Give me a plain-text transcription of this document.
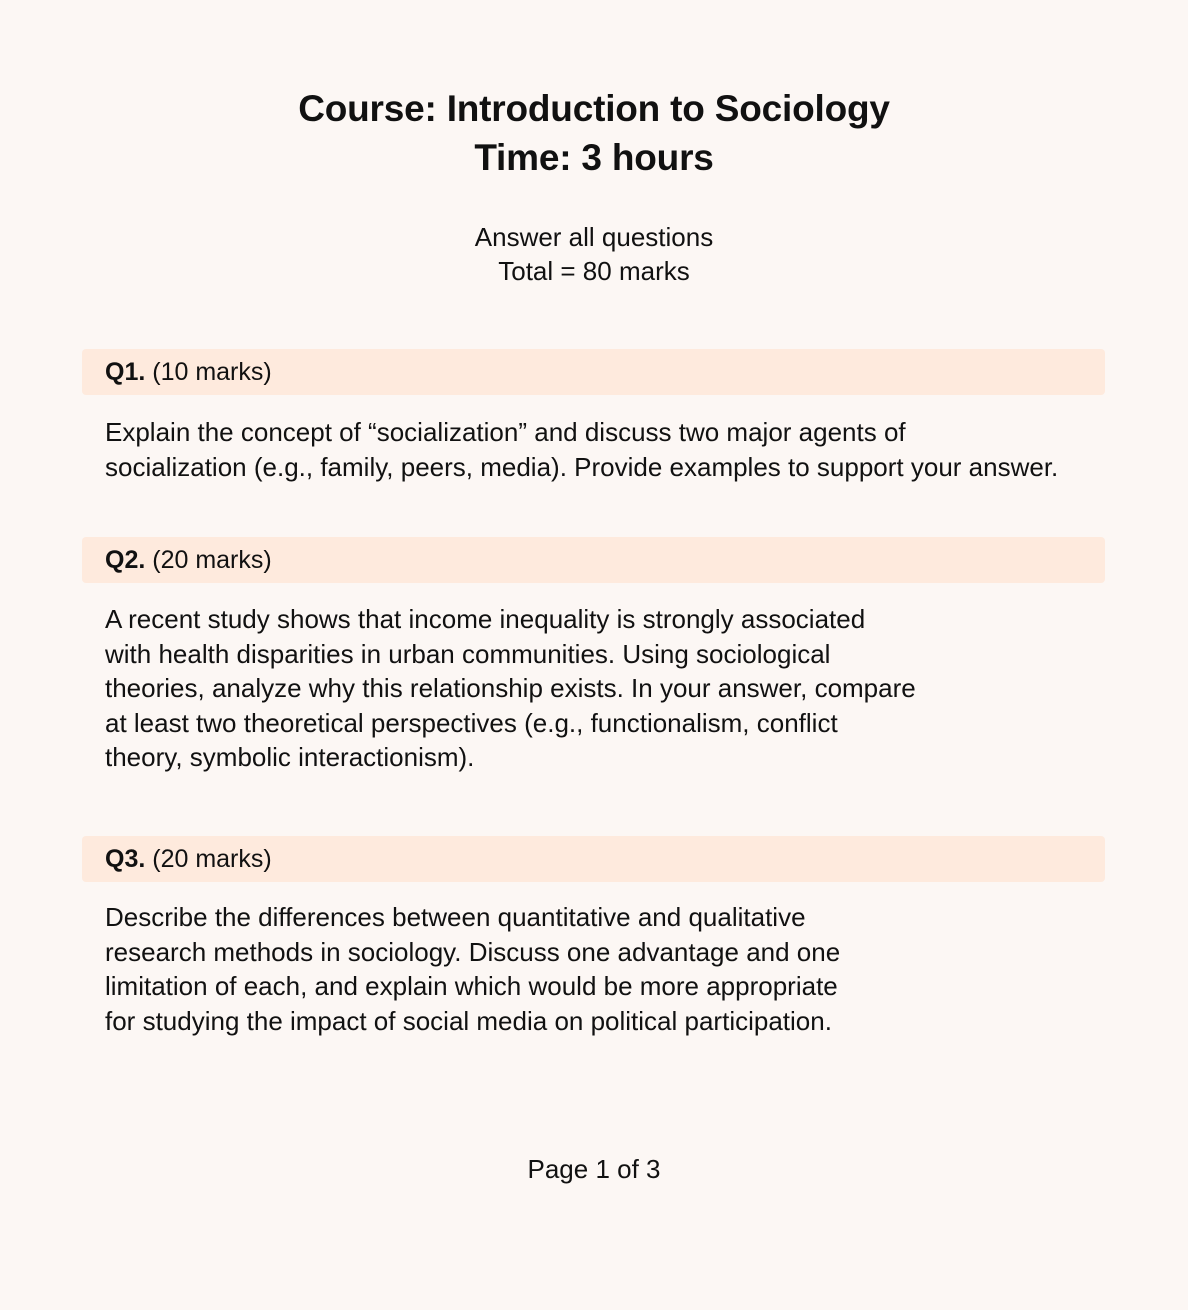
Course: Introduction to Sociology
Time: 3 hours
Answer all questions
Total = 80 marks
Q1. (10 marks)
Explain the concept of “socialization” and discuss two major agents of
socialization (e.g., family, peers, media). Provide examples to support your answer.
Q2. (20 marks)
A recent study shows that income inequality is strongly associated
with health disparities in urban communities. Using sociological
theories, analyze why this relationship exists. In your answer, compare
at least two theoretical perspectives (e.g., functionalism, conflict
theory, symbolic interactionism).
Q3. (20 marks)
Describe the differences between quantitative and qualitative
research methods in sociology. Discuss one advantage and one
limitation of each, and explain which would be more appropriate
for studying the impact of social media on political participation.
Page 1 of 3
